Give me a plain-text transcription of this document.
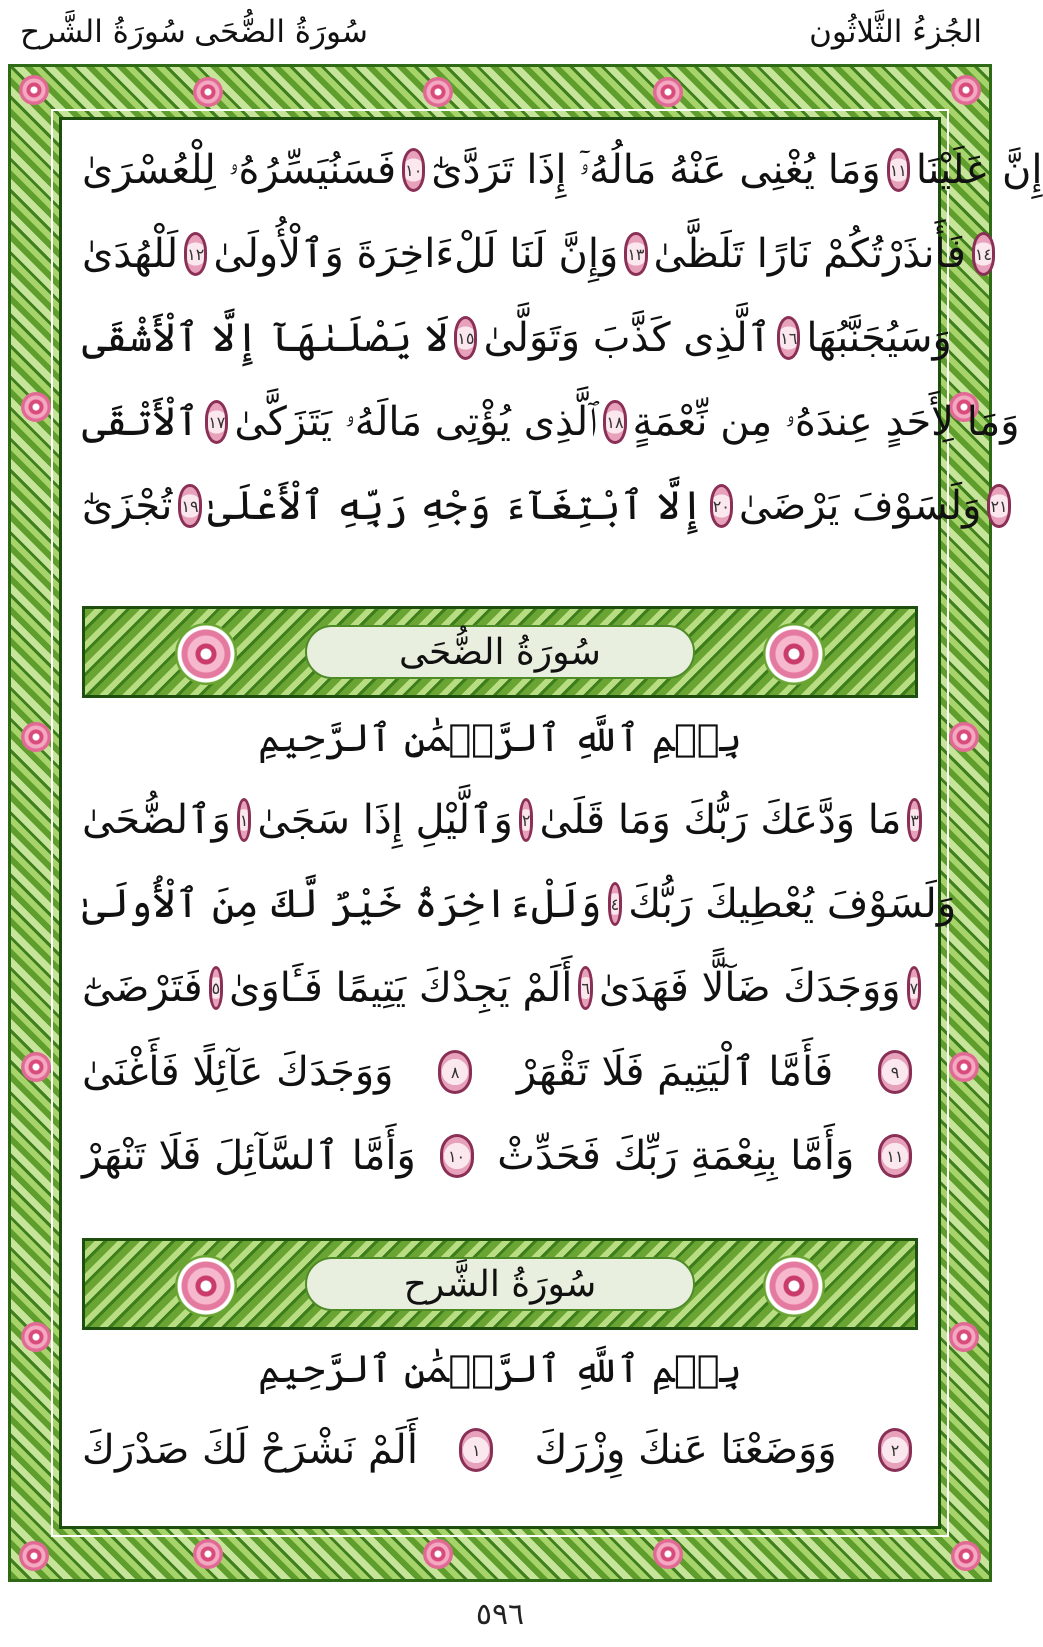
الجُزءُ الثَّلاثُون
سُورَةُ الضُّحَى
سُورَةُ الشَّرح
فَسَنُيَسِّرُهُۥ لِلْعُسْرَىٰ ١٠ وَمَا يُغْنِى عَنْهُ مَالُهُۥٓ إِذَا تَرَدَّىٰٓ ١١ إِنَّ عَلَيْنَا
لَلْهُدَىٰ ١٢ وَإِنَّ لَنَا لَلْءَاخِرَةَ وَٱلْأُولَىٰ ١٣ فَأَنذَرْتُكُمْ نَارًا تَلَظَّىٰ ١٤
لَا يَصْلَىٰهَآ إِلَّا ٱلْأَشْقَى ١٥ ٱلَّذِى كَذَّبَ وَتَوَلَّىٰ ١٦ وَسَيُجَنَّبُهَا
ٱلْأَتْقَى ١٧ ٱلَّذِى يُؤْتِى مَالَهُۥ يَتَزَكَّىٰ ١٨ وَمَا لِأَحَدٍ عِندَهُۥ مِن نِّعْمَةٍ
تُجْزَىٰٓ ١٩ إِلَّا ٱبْتِغَآءَ وَجْهِ رَبِّهِ ٱلْأَعْلَىٰ ٢٠ وَلَسَوْفَ يَرْضَىٰ ٢١
سُورَةُ الضُّحَى
بِسۡمِ ٱللَّهِ ٱلرَّحۡمَٰنِ ٱلرَّحِيمِ
وَٱلضُّحَىٰ ١ وَٱلَّيْلِ إِذَا سَجَىٰ ٢ مَا وَدَّعَكَ رَبُّكَ وَمَا قَلَىٰ ٣
وَلَلْءَاخِرَةُ خَيْرٌ لَّكَ مِنَ ٱلْأُولَىٰ ٤ وَلَسَوْفَ يُعْطِيكَ رَبُّكَ
فَتَرْضَىٰٓ ٥ أَلَمْ يَجِدْكَ يَتِيمًا فَـَٔاوَىٰ ٦ وَوَجَدَكَ ضَآلًّا فَهَدَىٰ ٧
وَوَجَدَكَ عَآئِلًا فَأَغْنَىٰ	٨	فَأَمَّا ٱلْيَتِيمَ فَلَا تَقْهَرْ	٩
وَأَمَّا ٱلسَّآئِلَ فَلَا تَنْهَرْ	١٠ وَأَمَّا بِنِعْمَةِ رَبِّكَ فَحَدِّثْ	١١
سُورَةُ الشَّرح
بِسۡمِ ٱللَّهِ ٱلرَّحۡمَٰنِ ٱلرَّحِيمِ
أَلَمْ نَشْرَحْ لَكَ صَدْرَكَ	١	وَوَضَعْنَا عَنكَ وِزْرَكَ	٢
٥٩٦
